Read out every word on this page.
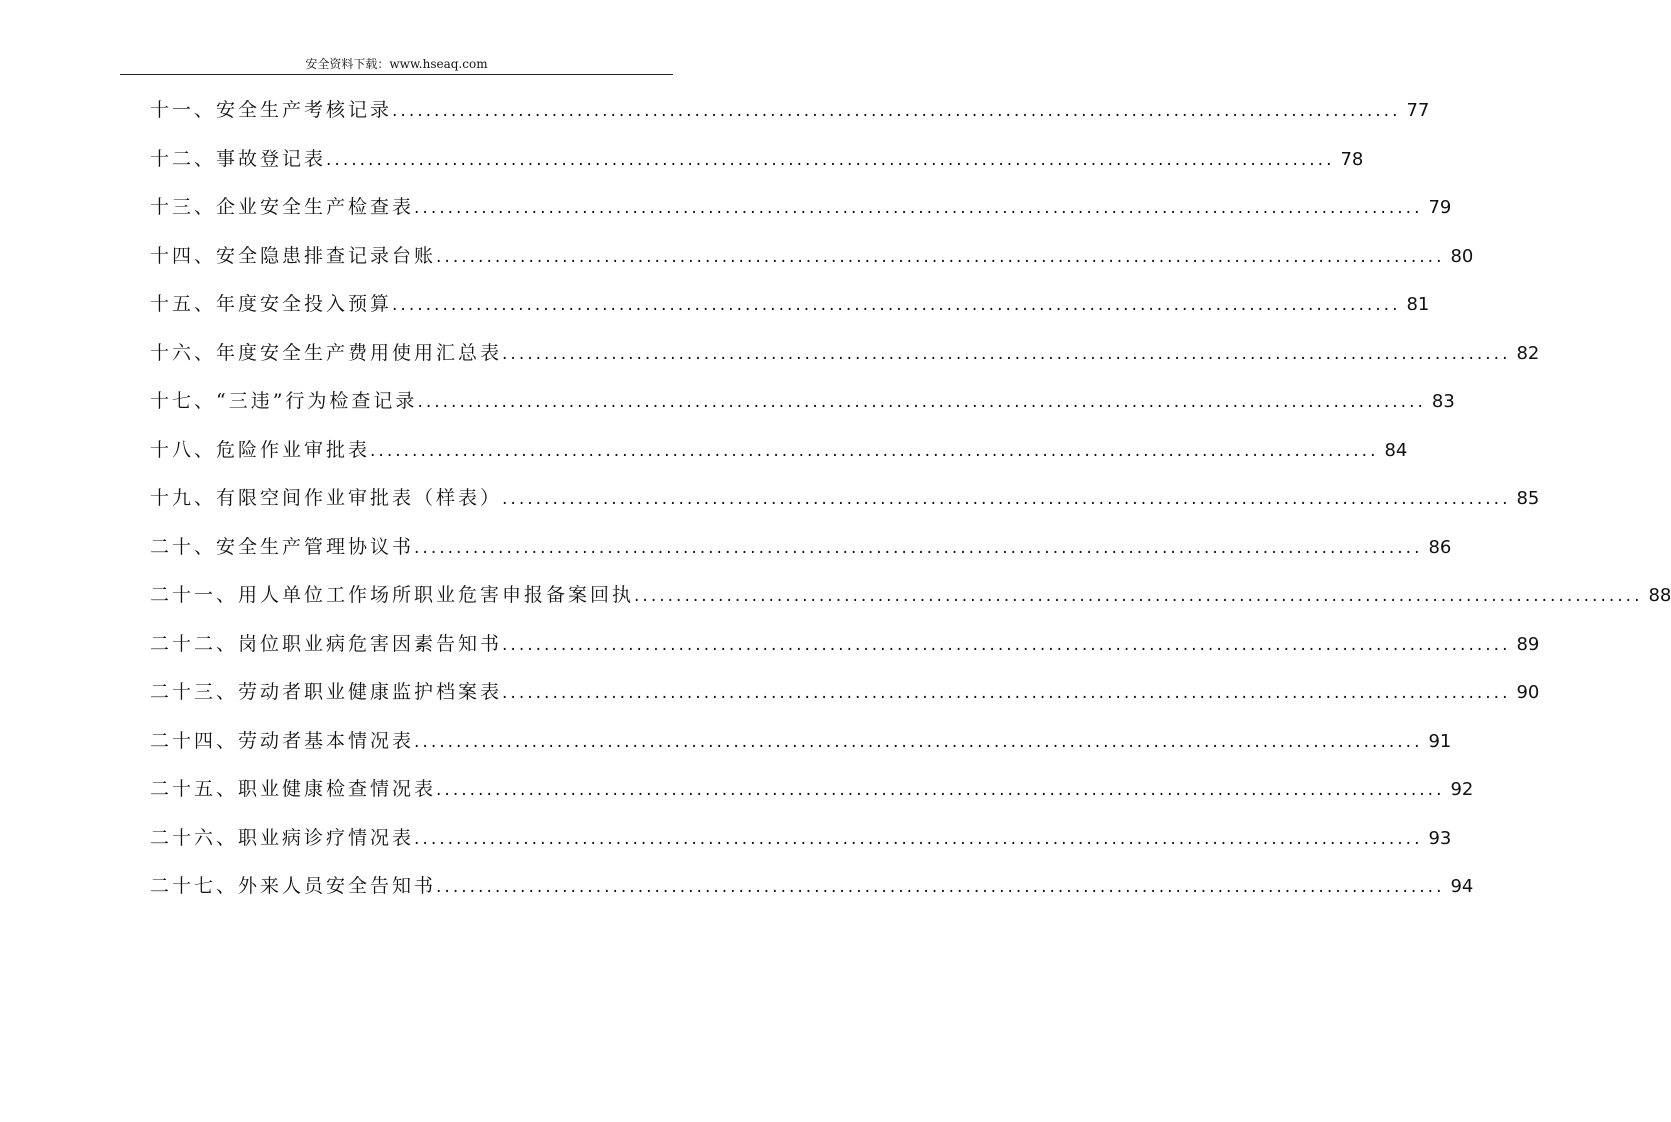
安全资料下载：www.hseaq.com
十一、安全生产考核记录 ........................................................................................................................ 77
十二、事故登记表 ........................................................................................................................ 78
十三、企业安全生产检查表 ........................................................................................................................ 79
十四、安全隐患排查记录台账 ........................................................................................................................ 80
十五、年度安全投入预算 ........................................................................................................................ 81
十六、年度安全生产费用使用汇总表 ........................................................................................................................ 82
十七、“三违”行为检查记录 ........................................................................................................................ 83
十八、危险作业审批表 ........................................................................................................................ 84
十九、有限空间作业审批表（样表） ........................................................................................................................ 85
二十、安全生产管理协议书 ........................................................................................................................ 86
二十一、用人单位工作场所职业危害申报备案回执 ........................................................................................................................ 88
二十二、岗位职业病危害因素告知书 ........................................................................................................................ 89
二十三、劳动者职业健康监护档案表 ........................................................................................................................ 90
二十四、劳动者基本情况表 ........................................................................................................................ 91
二十五、职业健康检查情况表 ........................................................................................................................ 92
二十六、职业病诊疗情况表 ........................................................................................................................ 93
二十七、外来人员安全告知书 ........................................................................................................................ 94
